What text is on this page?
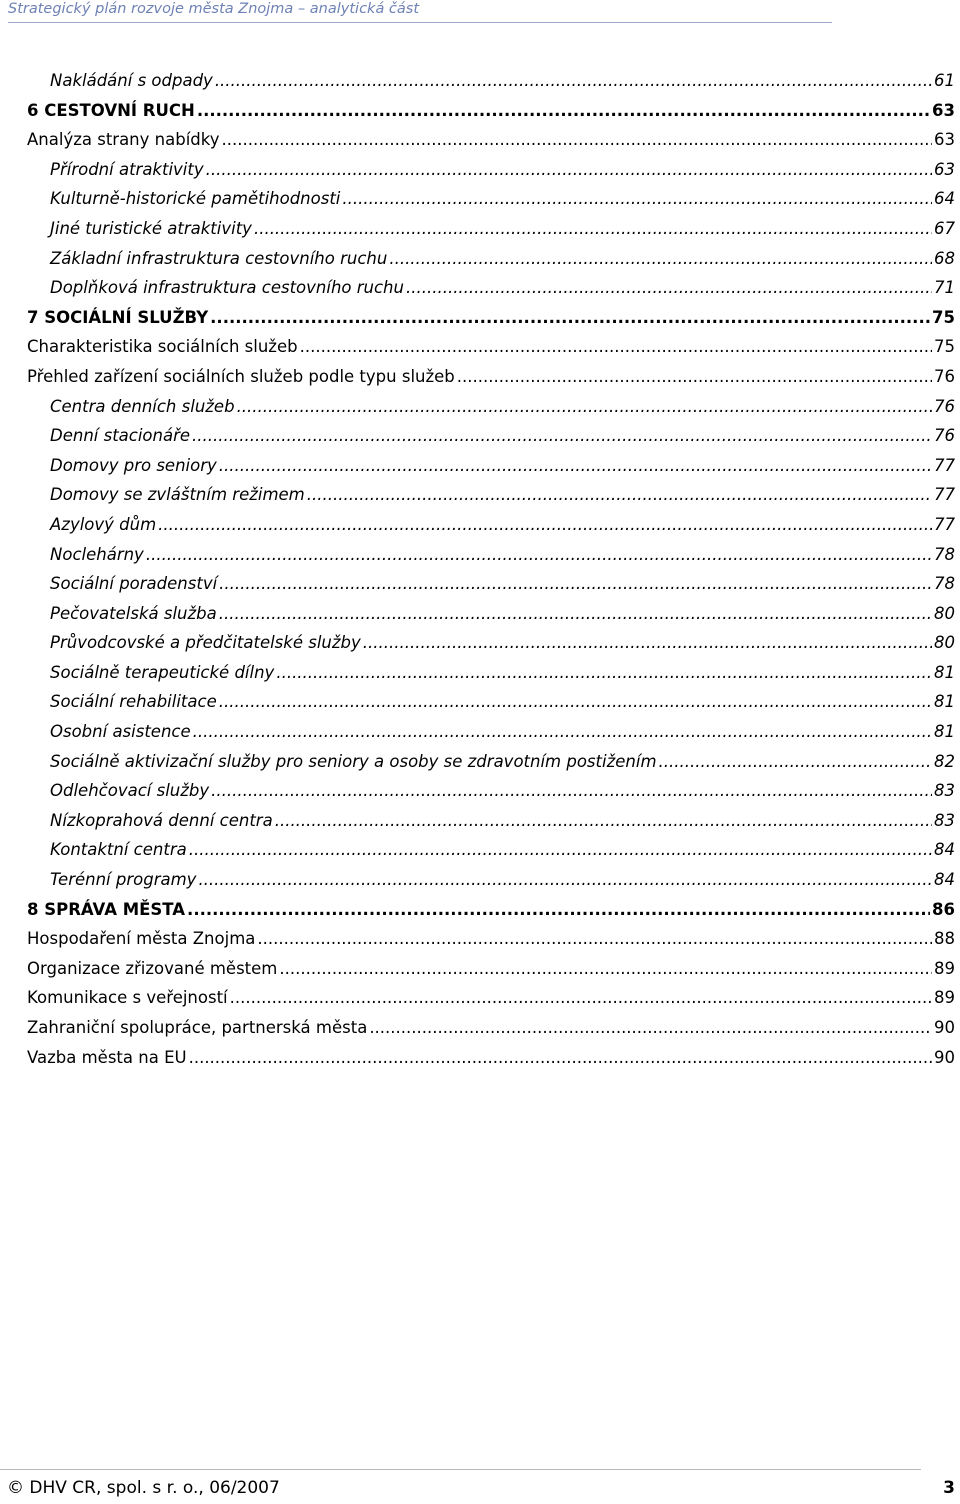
Strategický plán rozvoje města Znojma – analytická část
Nakládání s odpady .....	61
6 CESTOVNÍ RUCH .....	63
Analýza strany nabídky .....	63
Přírodní atraktivity .....	63
Kulturně-historické pamětihodnosti .....	64
Jiné turistické atraktivity .....	67
Základní infrastruktura cestovního ruchu .....	68
Doplňková infrastruktura cestovního ruchu .....	71
7 SOCIÁLNÍ SLUŽBY .....	75
Charakteristika sociálních služeb .....	75
Přehled zařízení sociálních služeb podle typu služeb .....	76
Centra denních služeb .....	76
Denní stacionáře .....	76
Domovy pro seniory .....	77
Domovy se zvláštním režimem .....	77
Azylový dům .....	77
Noclehárny .....	78
Sociální poradenství .....	78
Pečovatelská služba .....	80
Průvodcovské a předčitatelské služby .....	80
Sociálně terapeutické dílny .....	81
Sociální rehabilitace .....	81
Osobní asistence .....	81
Sociálně aktivizační služby pro seniory a osoby se zdravotním postižením .....	82
Odlehčovací služby .....	83
Nízkoprahová denní centra .....	83
Kontaktní centra .....	84
Terénní programy .....	84
8 SPRÁVA MĚSTA .....	86
Hospodaření města Znojma .....	88
Organizace zřizované městem .....	89
Komunikace s veřejností .....	89
Zahraniční spolupráce, partnerská města .....	90
Vazba města na EU .....	90
© DHV CR, spol. s r. o., 06/2007	3
